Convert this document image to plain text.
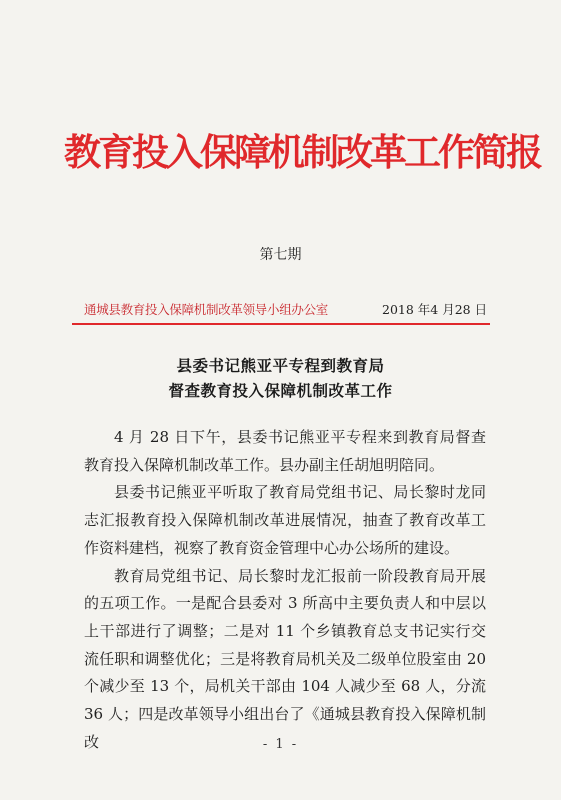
教育投入保障机制改革工作简报
第七期
通城县教育投入保障机制改革领导小组办公室	2018 年4 月28 日
县委书记熊亚平专程到教育局
督查教育投入保障机制改革工作

4 月 28 日下午，县委书记熊亚平专程来到教育局督查教育投入保障机制改革工作。县办副主任胡旭明陪同。

县委书记熊亚平听取了教育局党组书记、局长黎时龙同志汇报教育投入保障机制改革进展情况，抽查了教育改革工作资料建档，视察了教育资金管理中心办公场所的建设。

教育局党组书记、局长黎时龙汇报前一阶段教育局开展的五项工作。一是配合县委对 3 所高中主要负责人和中层以上干部进行了调整；二是对 11 个乡镇教育总支书记实行交流任职和调整优化；三是将教育局机关及二级单位股室由 20 个减少至 13 个，局机关干部由 104 人减少至 68 人，分流 36 人；四是改革领导小组出台了《通城县教育投入保障机制改	- 1 -
